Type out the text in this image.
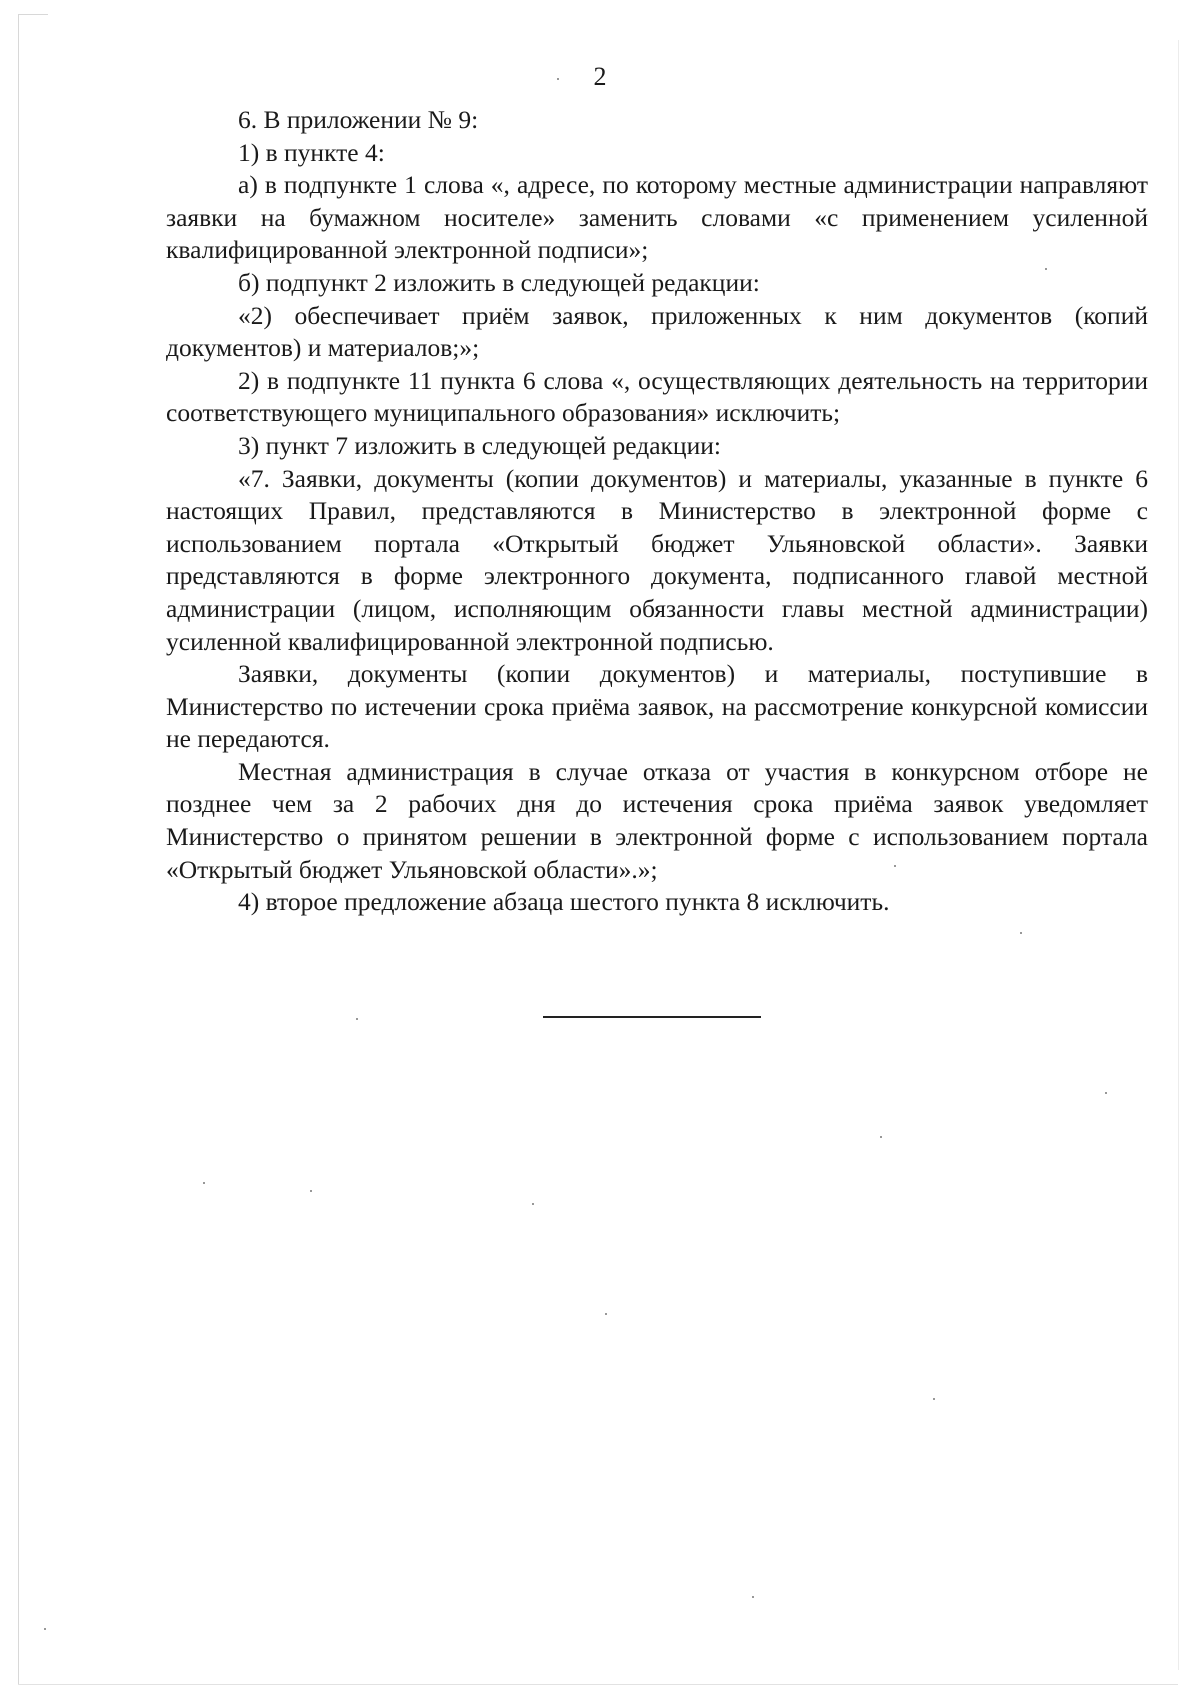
2

6. В приложении № 9:

1) в пункте 4:

а) в подпункте 1 слова «, адресе, по которому местные администрации направляют заявки на бумажном носителе» заменить словами «с применением усиленной квалифицированной электронной подписи»;

б) подпункт 2 изложить в следующей редакции:

«2) обеспечивает приём заявок, приложенных к ним документов (копий документов) и материалов;»;

2) в подпункте 11 пункта 6 слова «, осуществляющих деятельность на территории соответствующего муниципального образования» исключить;

3) пункт 7 изложить в следующей редакции:

«7. Заявки, документы (копии документов) и материалы, указанные в пункте 6 настоящих Правил, представляются в Министерство в электронной форме с использованием портала «Открытый бюджет Ульяновской области». Заявки представляются в форме электронного документа, подписанного главой местной администрации (лицом, исполняющим обязанности главы местной администрации) усиленной квалифицированной электронной подписью.

Заявки, документы (копии документов) и материалы, поступившие в Министерство по истечении срока приёма заявок, на рассмотрение конкурсной комиссии не передаются.

Местная администрация в случае отказа от участия в конкурсном отборе не позднее чем за 2 рабочих дня до истечения срока приёма заявок уведомляет Министерство о принятом решении в электронной форме с использованием портала «Открытый бюджет Ульяновской области».»;

4) второе предложение абзаца шестого пункта 8 исключить.
